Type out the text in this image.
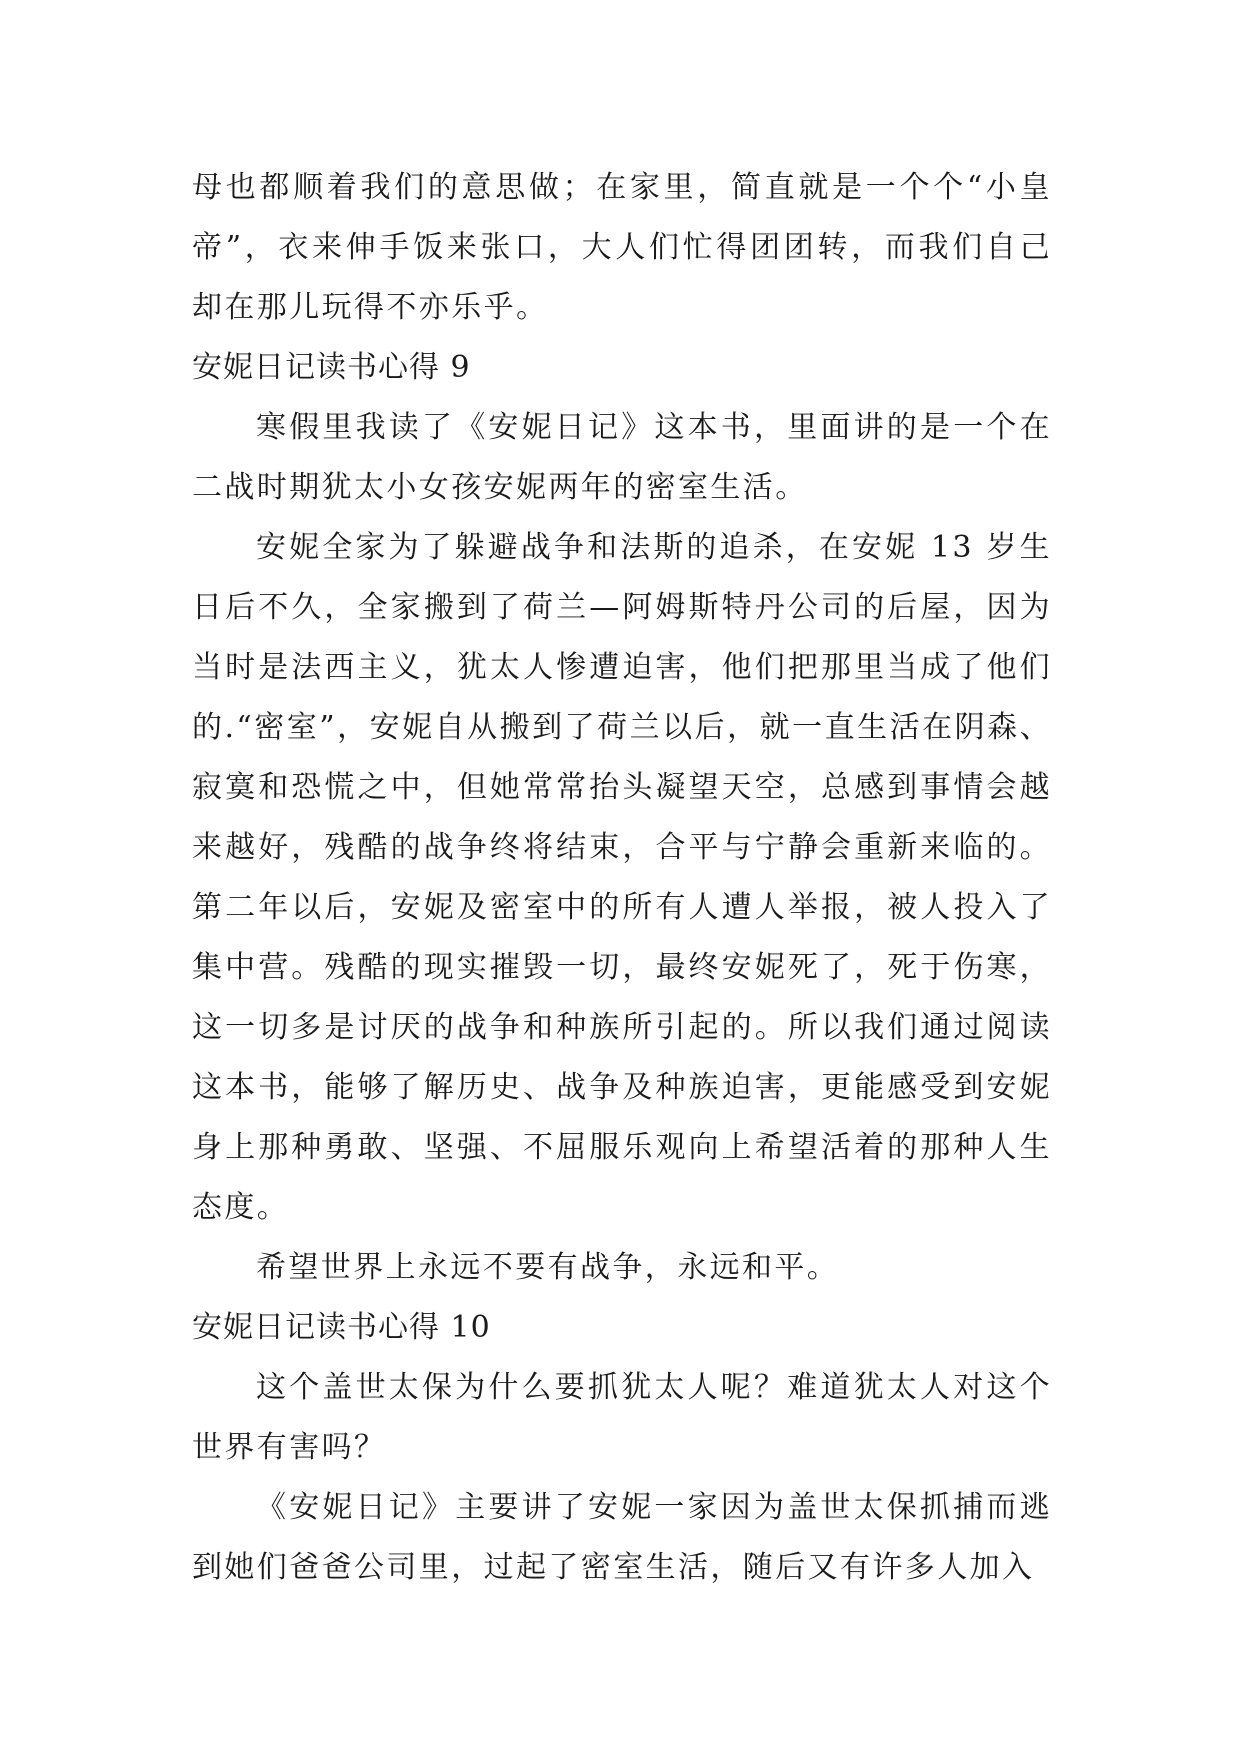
母也都顺着我们的意思做；在家里，简直就是一个个“小皇帝”，衣来伸手饭来张口，大人们忙得团团转，而我们自己却在那儿玩得不亦乐乎。

安妮日记读书心得 9

寒假里我读了《安妮日记》这本书，里面讲的是一个在二战时期犹太小女孩安妮两年的密室生活。

安妮全家为了躲避战争和法斯的追杀，在安妮 13 岁生日后不久，全家搬到了荷兰—阿姆斯特丹公司的后屋，因为当时是法西主义，犹太人惨遭迫害，他们把那里当成了他们的.“密室”，安妮自从搬到了荷兰以后，就一直生活在阴森、寂寞和恐慌之中，但她常常抬头凝望天空，总感到事情会越来越好，残酷的战争终将结束，合平与宁静会重新来临的。第二年以后，安妮及密室中的所有人遭人举报，被人投入了集中营。残酷的现实摧毁一切，最终安妮死了，死于伤寒，这一切多是讨厌的战争和种族所引起的。所以我们通过阅读这本书，能够了解历史、战争及种族迫害，更能感受到安妮身上那种勇敢、坚强、不屈服乐观向上希望活着的那种人生态度。

希望世界上永远不要有战争，永远和平。

安妮日记读书心得 10

这个盖世太保为什么要抓犹太人呢？难道犹太人对这个世界有害吗？

《安妮日记》主要讲了安妮一家因为盖世太保抓捕而逃到她们爸爸公司里，过起了密室生活，随后又有许多人加入
